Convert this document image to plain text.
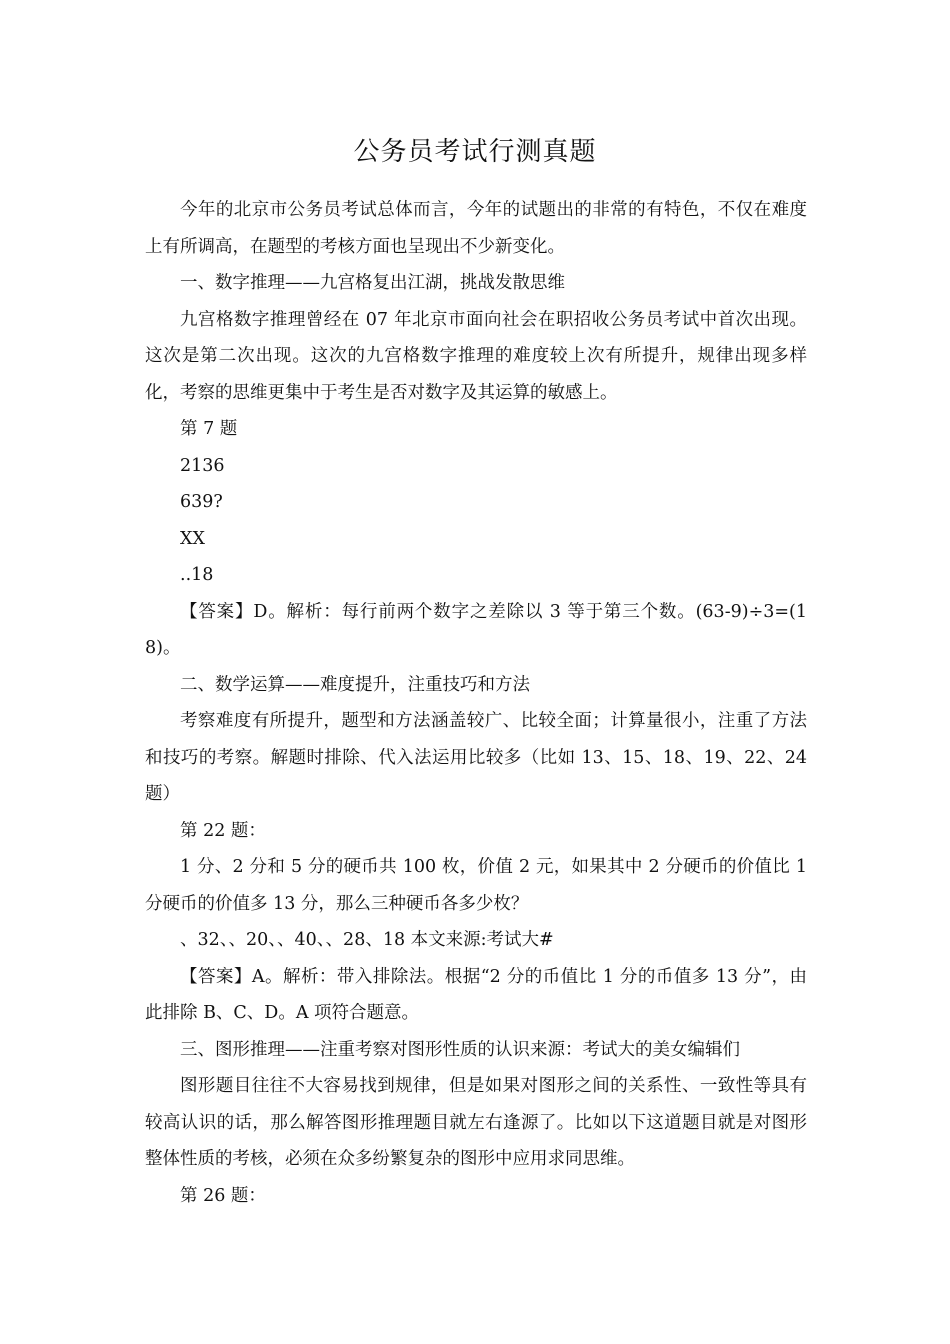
公务员考试行测真题

今年的北京市公务员考试总体而言，今年的试题出的非常的有特色，不仅在难度上有所调高，在题型的考核方面也呈现出不少新变化。

一、数字推理——九宫格复出江湖，挑战发散思维

九宫格数字推理曾经在 07 年北京市面向社会在职招收公务员考试中首次出现。这次是第二次出现。这次的九宫格数字推理的难度较上次有所提升，规律出现多样化，考察的思维更集中于考生是否对数字及其运算的敏感上。

第 7 题

2136

639?

XX

..18

【答案】D。解析：每行前两个数字之差除以 3 等于第三个数。(63-9)÷3=(18)。

二、数学运算——难度提升，注重技巧和方法

考察难度有所提升，题型和方法涵盖较广、比较全面；计算量很小，注重了方法和技巧的考察。解题时排除、代入法运用比较多（比如 13、15、18、19、22、24 题）

第 22 题：

1 分、2 分和 5 分的硬币共 100 枚，价值 2 元，如果其中 2 分硬币的价值比 1 分硬币的价值多 13 分，那么三种硬币各多少枚？

、32、、20、、40、、28、18 本文来源:考试大#

【答案】A。解析：带入排除法。根据“2 分的币值比 1 分的币值多 13 分”，由此排除 B、C、D。A 项符合题意。

三、图形推理——注重考察对图形性质的认识来源：考试大的美女编辑们

图形题目往往不大容易找到规律，但是如果对图形之间的关系性、一致性等具有较高认识的话，那么解答图形推理题目就左右逢源了。比如以下这道题目就是对图形整体性质的考核，必须在众多纷繁复杂的图形中应用求同思维。

第 26 题：
